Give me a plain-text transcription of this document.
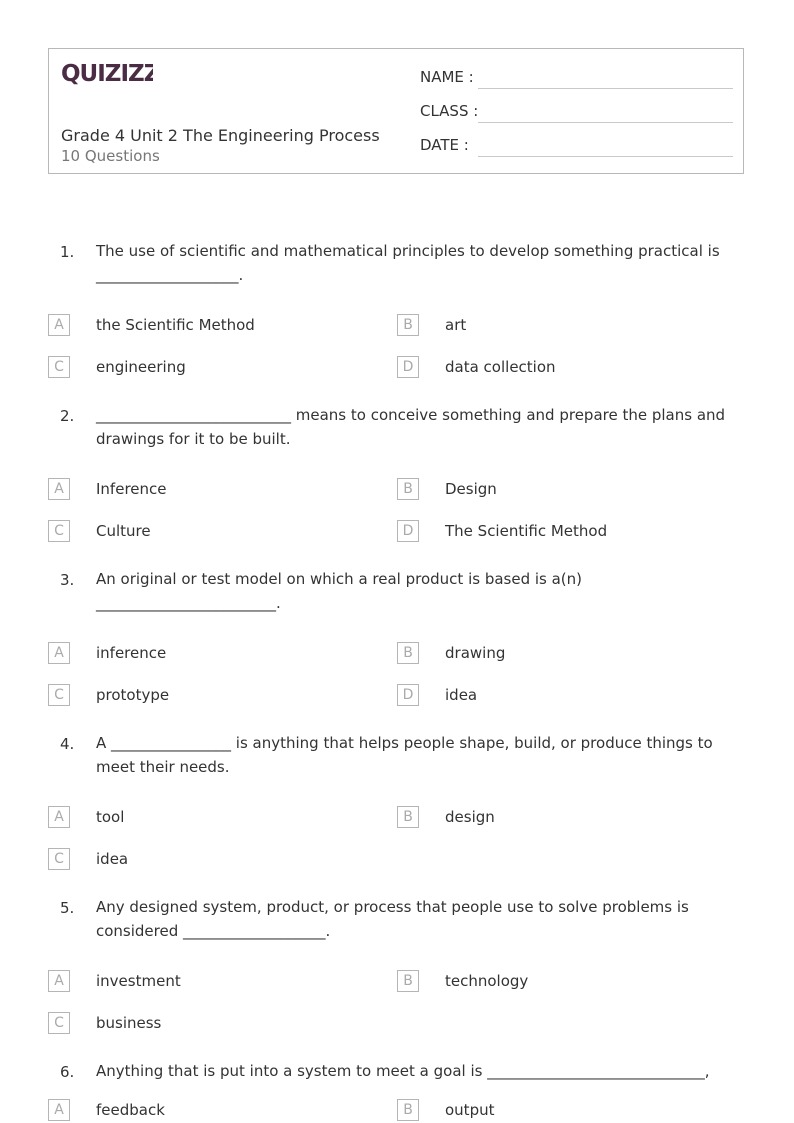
QUIZIZZ
Grade 4 Unit 2 The Engineering Process
10 Questions
NAME :
CLASS :
DATE :
1. The use of scientific and mathematical principles to develop something practical is ___________________.
A	the Scientific Method	B	art
C	engineering	D	data collection
2. __________________________ means to conceive something and prepare the plans and drawings for it to be built.
A	Inference	B	Design
C	Culture	D	The Scientific Method
3. An original or test model on which a real product is based is a(n) ________________________.
A	inference	B	drawing
C	prototype	D	idea
4. A ________________ is anything that helps people shape, build, or produce things to meet their needs.
A	tool	B	design
C	idea
5. Any designed system, product, or process that people use to solve problems is considered ___________________.
A	investment	B	technology
C	business
6. Anything that is put into a system to meet a goal is _____________________________,
A	feedback	B	output
